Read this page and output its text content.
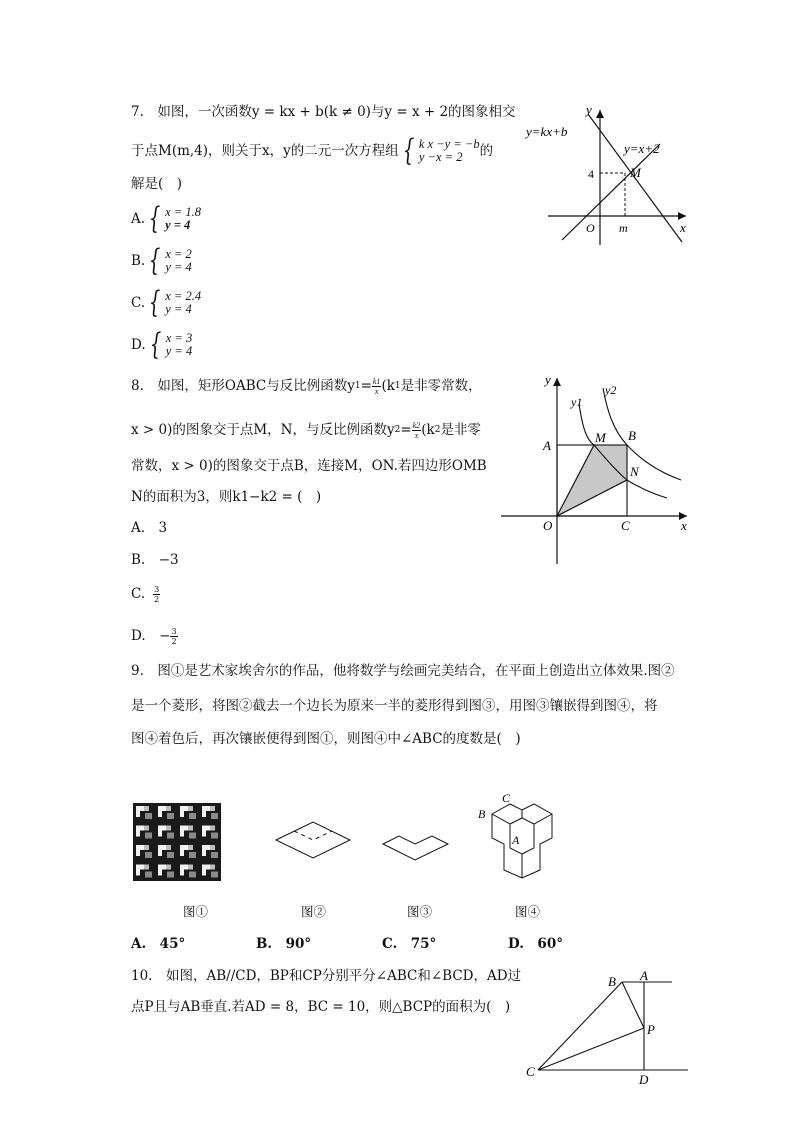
7.　如图，一次函数y = kx + b(k ≠ 0)与y = x + 2的图象相交
于点M(m,4)，则关于x，y的二元一次方程组 { k x −y = −b
y −x = 2	的
解是(　)
A. { x = 1.8
y = 4
B. { x = 2
y = 4
C. { x = 2.4
y = 4
D. { x = 3
y = 4
y
x
y=kx+b
y=x+2
4	M
O m
8.　如图，矩形OABC与反比例函数y $1 = \frac{k1}{x} (k$ 1 是非零常数，
x > 0)的图象交于点M，N，与反比例函数y $2 = \frac{k2}{x} (k$ 2 是非零
常数，x > 0)的图象交于点B，连接M，ON.若四边形OMB
N的面积为3，则k1−k2 = (　)
A.　3
B.　−3
C. $\frac{3}{2}$
D.　− $\frac{3}{2}$
y
x
y1
y2
A
M B
N
O	C
9.　图①是艺术家埃舍尔的作品，他将数学与绘画完美结合，在平面上创造出立体效果.图②
是一个菱形，将图②截去一个边长为原来一半的菱形得到图③，用图③镶嵌得到图④，将
图④着色后，再次镶嵌便得到图①，则图④中∠ABC的度数是(　)
C
B
A
图①	图②	图③	图④
A.　45°	B.　90°	C.　75°	D.　60°
10.　如图，AB//CD，BP和CP分别平分∠ABC和∠BCD，AD过
点P且与AB垂直.若AD = 8，BC = 10，则△BCP的面积为(　)
B A
P
C
D
